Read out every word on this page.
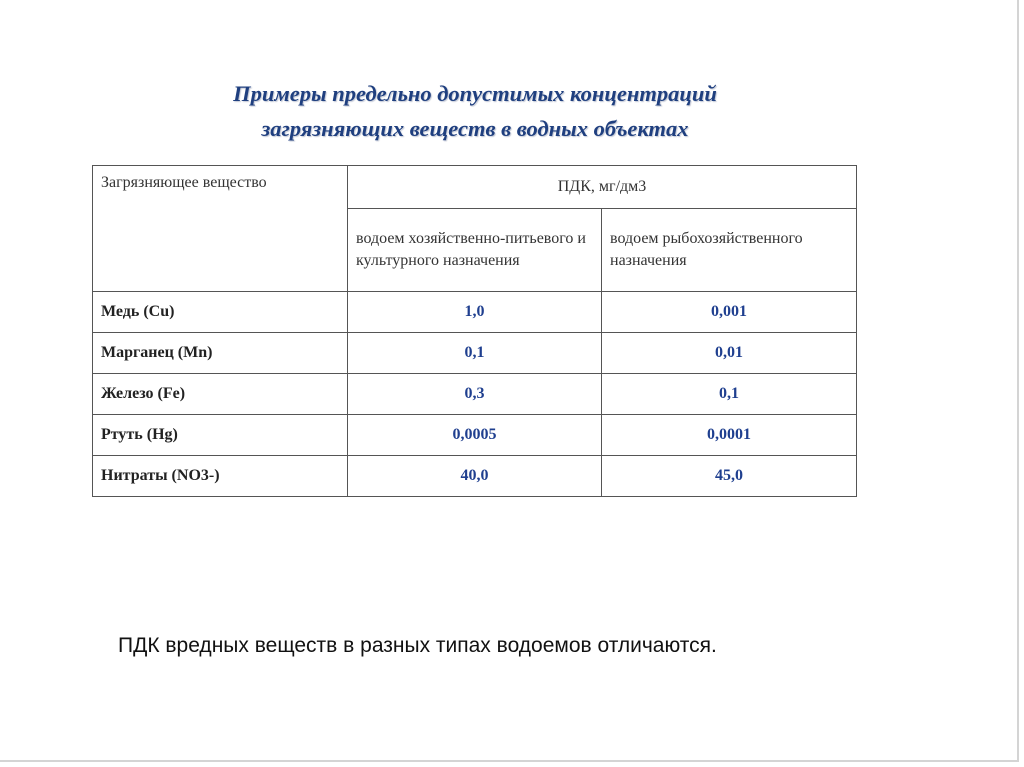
Примеры предельно допустимых концентраций
загрязняющих веществ в водных объектах
Загрязняющее вещество	ПДК, мг/дм3	
	водоем хозяйственно-питьевого и культурного назначения	водоем рыбохозяйственного назначения
Медь (Cu)	1,0	0,001
Марганец (Mn)	0,1	0,01
Железо (Fe)	0,3	0,1
Ртуть (Hg)	0,0005	0,0001
Нитраты (NO3-)	40,0	45,0

ПДК вредных веществ в разных типах водоемов отличаются.
